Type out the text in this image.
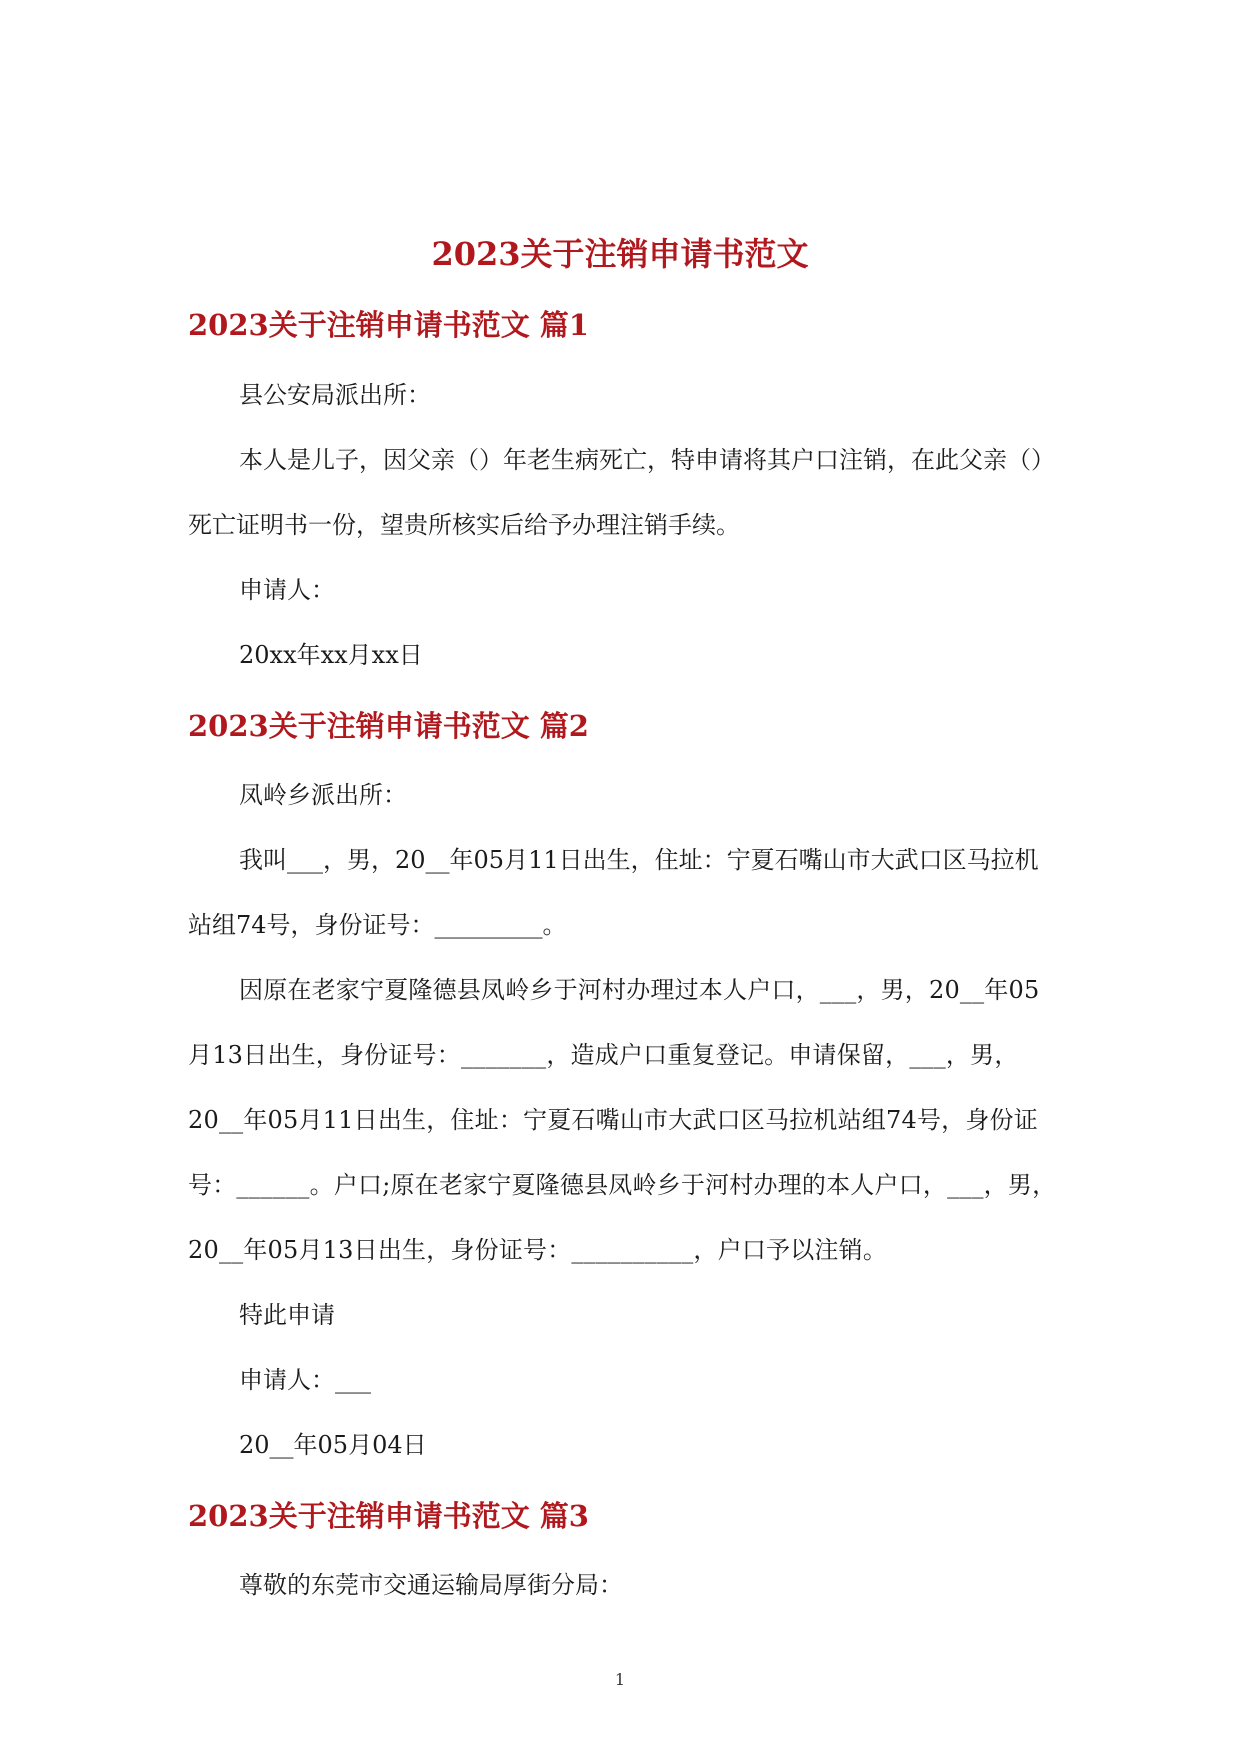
2023关于注销申请书范文
2023关于注销申请书范文 篇1

县公安局派出所：

本人是儿子，因父亲（）年老生病死亡，特申请将其户口注销，在此父亲（）死亡证明书一份，望贵所核实后给予办理注销手续。

申请人：

20xx年xx月xx日

2023关于注销申请书范文 篇2

凤岭乡派出所：

我叫___，男，20__年05月11日出生，住址：宁夏石嘴山市大武口区马拉机站组74号，身份证号：_________。

因原在老家宁夏隆德县凤岭乡于河村办理过本人户口，___，男，20__年05月13日出生，身份证号：_______，造成户口重复登记。申请保留，___，男，20__年05月11日出生，住址：宁夏石嘴山市大武口区马拉机站组74号，身份证号：______。户口;原在老家宁夏隆德县凤岭乡于河村办理的本人户口，___，男，20__年05月13日出生，身份证号：__________，户口予以注销。

特此申请

申请人：___

20__年05月04日

2023关于注销申请书范文 篇3

尊敬的东莞市交通运输局厚街分局：

1
